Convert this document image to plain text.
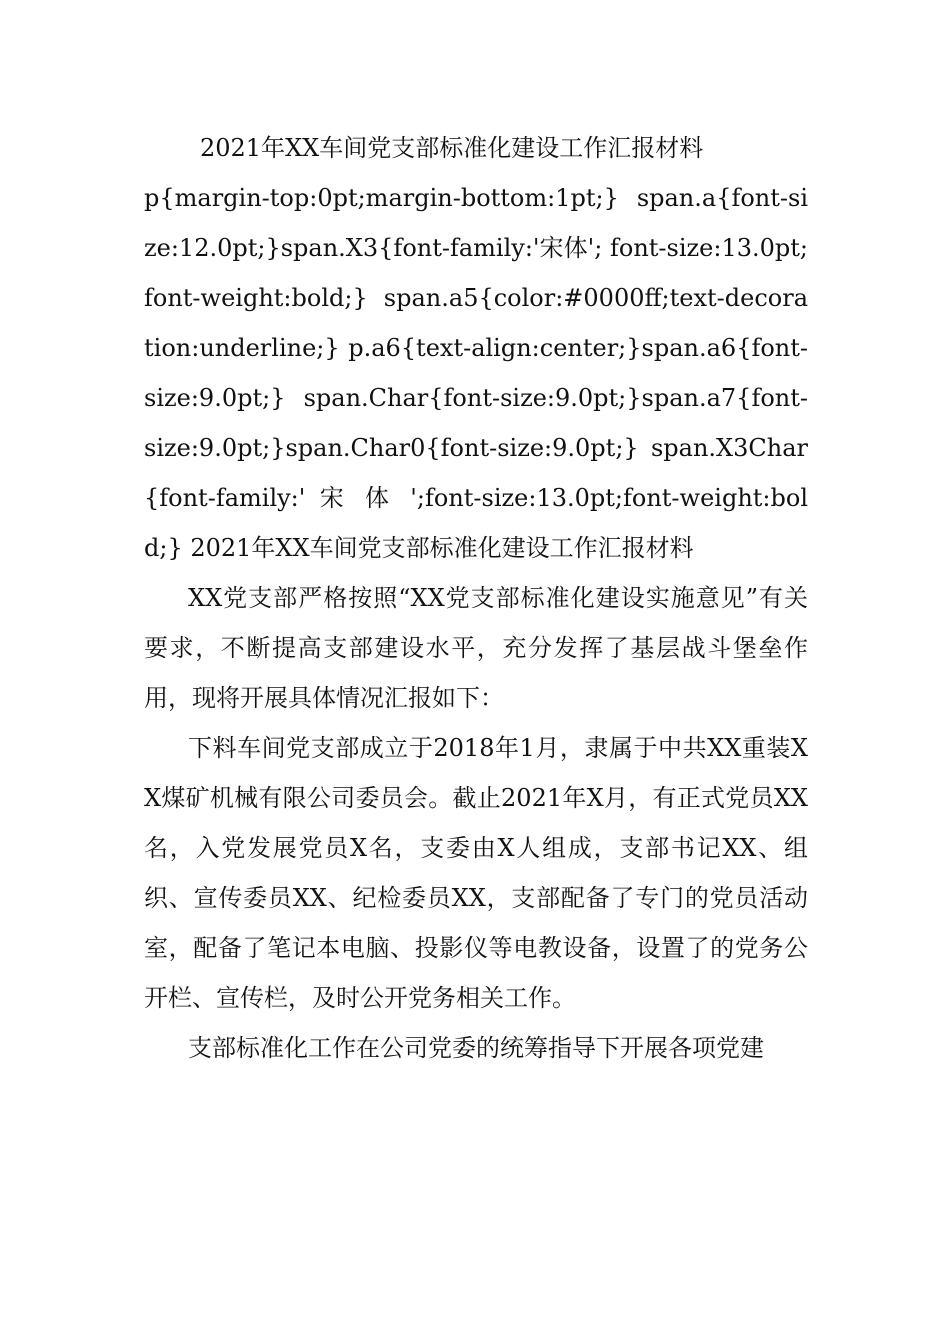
2021年XX车间党支部标准化建设工作汇报材料

p{margin-top:0pt;margin-bottom:1pt;} span.a{font-size:12.0pt;}span.X3{font-family:'宋体'; font-size:13.0pt;font-weight:bold;} span.a5{color:#0000ff;text-decoration:underline;} p.a6{text-align:center;}span.a6{font-size:9.0pt;} span.Char{font-size:9.0pt;}span.a7{font-size:9.0pt;}span.Char0{font-size:9.0pt;} span.X3Char{font-family:' 宋 体 ';font-size:13.0pt;font-weight:bold;} 2021年XX车间党支部标准化建设工作汇报材料

XX党支部严格按照“XX党支部标准化建设实施意见”有关要求，不断提高支部建设水平，充分发挥了基层战斗堡垒作用，现将开展具体情况汇报如下：

下料车间党支部成立于2018年1月，隶属于中共XX重装XX煤矿机械有限公司委员会。截止2021年X月，有正式党员XX名，入党发展党员X名，支委由X人组成，支部书记XX、组织、宣传委员XX、纪检委员XX，支部配备了专门的党员活动室，配备了笔记本电脑、投影仪等电教设备，设置了的党务公开栏、宣传栏，及时公开党务相关工作。

支部标准化工作在公司党委的统筹指导下开展各项党建
